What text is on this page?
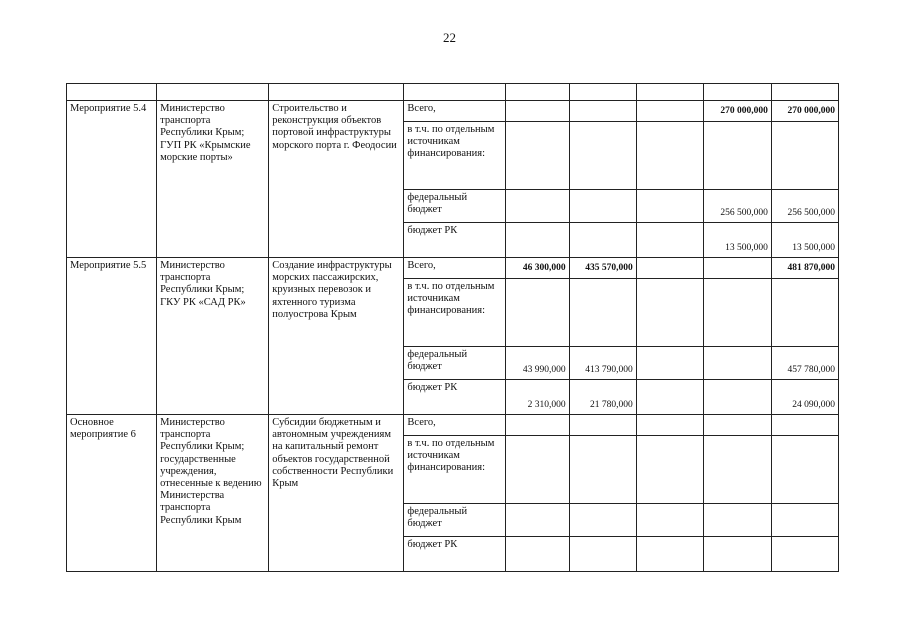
22

Мероприятие 5.4	Министерство транспорта Республики Крым; ГУП РК «Крымские морские порты»	Строительство и реконструкция объектов портовой инфраструктуры морского порта г. Феодосии	Всего,				270 000,000	270 000,000
			в т.ч. по отдельным источникам финансирования:					
			федеральный бюджет				256 500,000	256 500,000
			бюджет РК				13 500,000	13 500,000
Мероприятие 5.5	Министерство транспорта Республики Крым; ГКУ РК «САД РК»	Создание инфраструктуры морских пассажирских, круизных перевозок и яхтенного туризма полуострова Крым	Всего,	46 300,000	435 570,000			481 870,000
			в т.ч. по отдельным источникам финансирования:					
			федеральный бюджет	43 990,000	413 790,000			457 780,000
			бюджет РК	2 310,000	21 780,000			24 090,000
Основное мероприятие 6	Министерство транспорта Республики Крым; государственные учреждения, отнесенные к ведению Министерства транспорта Республики Крым	Субсидии бюджетным и автономным учреждениям на капитальный ремонт объектов государственной собственности Республики Крым	Всего,					
			в т.ч. по отдельным источникам финансирования:					
			федеральный бюджет					
			бюджет РК					
